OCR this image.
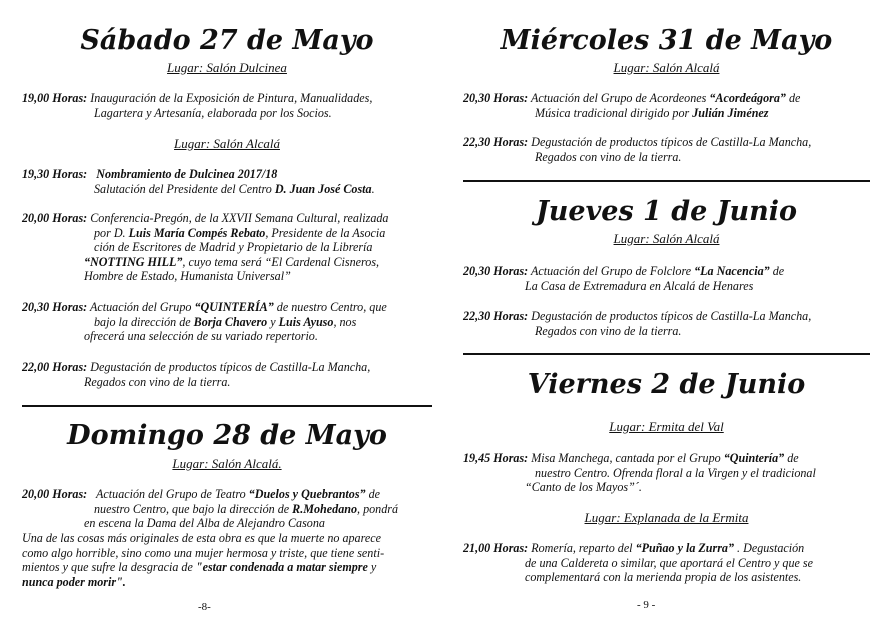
Sábado 27 de Mayo

Lugar: Salón Dulcinea

19,00 Horas: Inauguración de la Exposición de Pintura, Manualidades,
Lagartera y Artesanía, elaborada por los Socios.

Lugar: Salón Alcalá

19,30 Horas: Nombramiento de Dulcinea 2017/18
Salutación del Presidente del Centro D. Juan José Costa.
20,00 Horas: Conferencia-Pregón, de la XXVII Semana Cultural, realizada
por D. Luis María Compés Rebato, Presidente de la Asocia
ción de Escritores de Madrid y Propietario de la Librería
“NOTTING HILL”, cuyo tema será “El Cardenal Cisneros,
Hombre de Estado, Humanista Universal”
20,30 Horas: Actuación del Grupo “QUINTERÍA” de nuestro Centro, que
bajo la dirección de Borja Chavero y Luis Ayuso, nos
ofrecerá una selección de su variado repertorio.
22,00 Horas: Degustación de productos típicos de Castilla-La Mancha,
Regados con vino de la tierra.
Domingo 28 de Mayo

Lugar: Salón Alcalá.

20,00 Horas: Actuación del Grupo de Teatro “Duelos y Quebrantos” de
nuestro Centro, que bajo la dirección de R.Mohedano, pondrá
en escena la Dama del Alba de Alejandro Casona

Una de las cosas más originales de esta obra es que la muerte no aparece

como algo horrible, sino como una mujer hermosa y triste, que tiene senti-

mientos y que sufre la desgracia de "estar condenada a matar siempre y

nunca poder morir".

-8-
Miércoles 31 de Mayo

Lugar: Salón Alcalá

20,30 Horas: Actuación del Grupo de Acordeones “Acordeágora” de
Música tradicional dirigido por Julián Jiménez
22,30 Horas: Degustación de productos típicos de Castilla-La Mancha,
Regados con vino de la tierra.
Jueves 1 de Junio

Lugar: Salón Alcalá

20,30 Horas: Actuación del Grupo de Folclore “La Nacencia” de
La Casa de Extremadura en Alcalá de Henares
22,30 Horas: Degustación de productos típicos de Castilla-La Mancha,
Regados con vino de la tierra.
Viernes 2 de Junio

Lugar: Ermita del Val

19,45 Horas: Misa Manchega, cantada por el Grupo “Quintería” de
nuestro Centro. Ofrenda floral a la Virgen y el tradicional
“Canto de los Mayos”´.

Lugar: Explanada de la Ermita

21,00 Horas: Romería, reparto del “Puñao y la Zurra” . Degustación
de una Caldereta o similar, que aportará el Centro y que se
complementará con la merienda propia de los asistentes.
- 9 -
